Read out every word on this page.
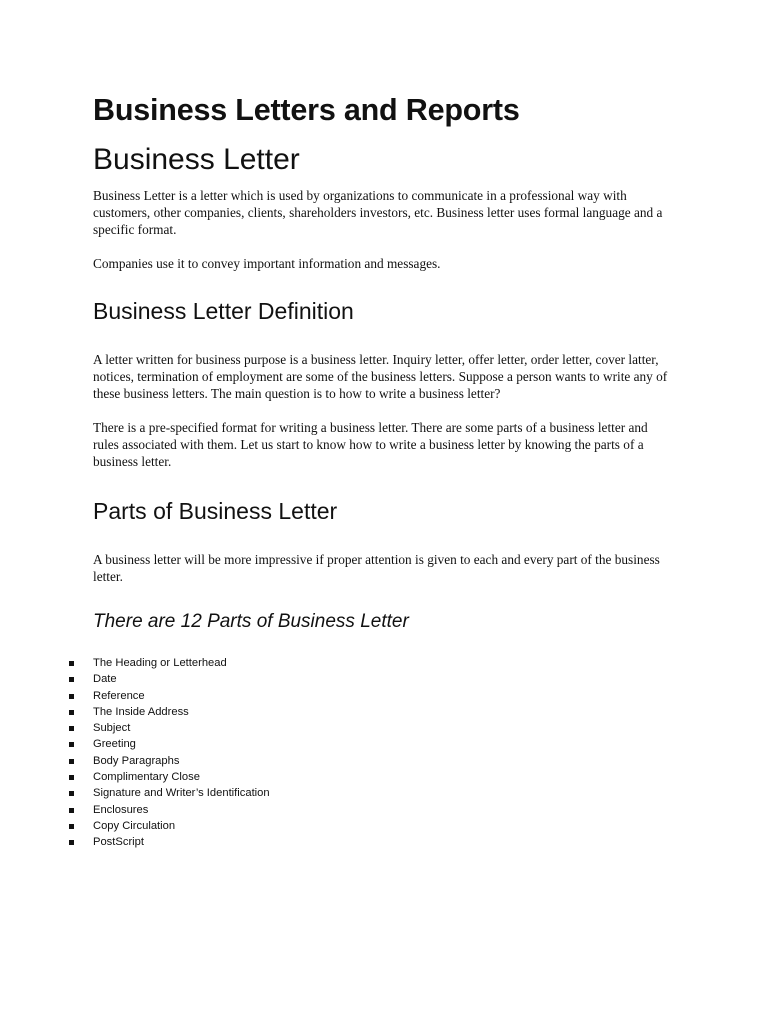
Business Letters and Reports
Business Letter

Business Letter is a letter which is used by organizations to communicate in a professional way with customers, other companies, clients, shareholders investors, etc. Business letter uses formal language and a specific format.

Companies use it to convey important information and messages.

Business Letter Definition

A letter written for business purpose is a business letter. Inquiry letter, offer letter, order letter, cover latter, notices, termination of employment are some of the business letters. Suppose a person wants to write any of these business letters. The main question is to how to write a business letter?

There is a pre-specified format for writing a business letter. There are some parts of a business letter and rules associated with them. Let us start to know how to write a business letter by knowing the parts of a business letter.

Parts of Business Letter

A business letter will be more impressive if proper attention is given to each and every part of the business letter.

There are 12 Parts of Business Letter
The Heading or Letterhead
Date
Reference
The Inside Address
Subject
Greeting
Body Paragraphs
Complimentary Close
Signature and Writer’s Identification
Enclosures
Copy Circulation
PostScript
